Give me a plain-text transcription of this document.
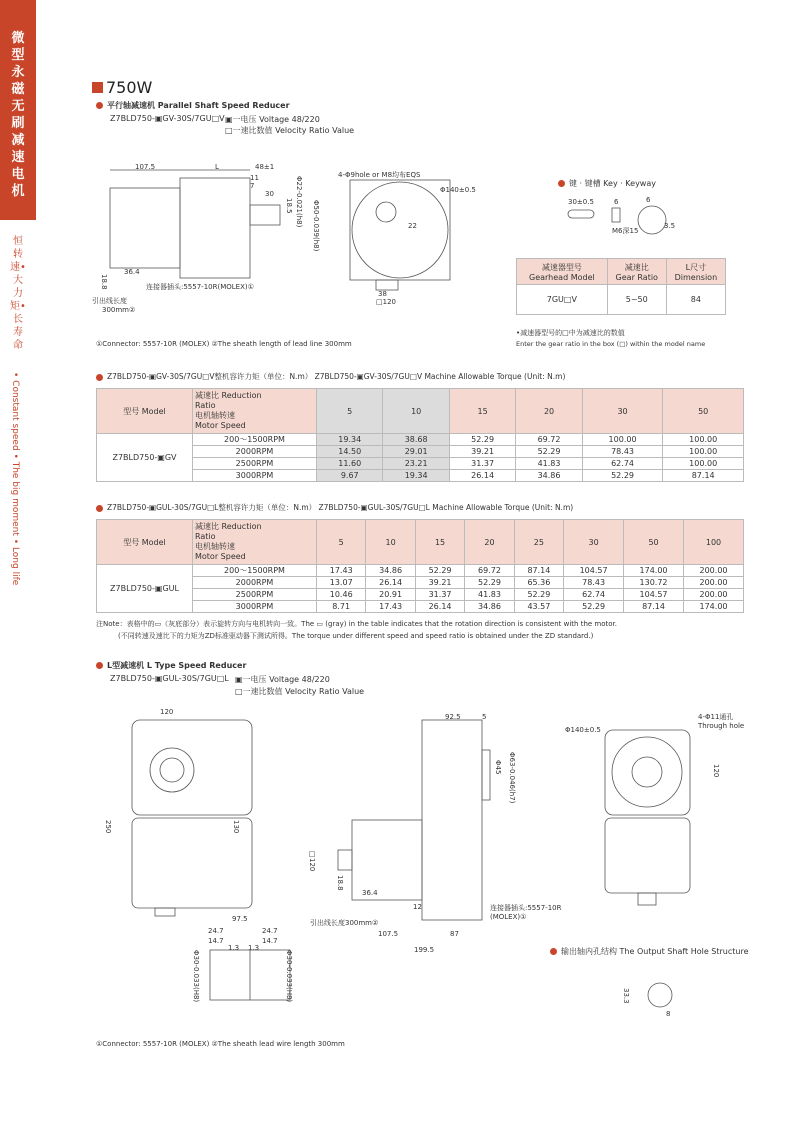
微型永磁无刷减速电机
恒转速•大力矩•长寿命
• Constant speed • The big moment • Long life
750W
平行轴减速机 Parallel Shaft Speed Reducer
Z7BLD750-▣GV-30S/7GU□V ▣一电压 Voltage 48/220
□一速比数值 Velocity Ratio Value
107.5	L	48±1
11
7
30	Φ22-0.021(h8)
18.5	Φ50-0.039(h8)
18.8
36.4
连接器插头:5557-10R(MOLEX)①
引出线长度
300mm②
4-Φ9hole or M8均布EQS
Φ140±0.5
22
38
□120
键 · 键槽 Key · Keyway
30±0.5	6	6
M6深15
3.5
减速器型号
Gearhead Model	减速比
Gear Ratio	L尺寸
Dimension
7GU□V	5~50	84
•减速器型号的□中为减速比的数值
Enter the gear ratio in the box (□) within the model name
①Connector: 5557-10R (MOLEX) ②The sheath length of lead line 300mm
Z7BLD750-▣GV-30S/7GU□V整机容许力矩（单位：N.m） Z7BLD750-▣GV-30S/7GU□V Machine Allowable Torque (Unit: N.m)
型号 Model	减速比 Reduction
Ratio
电机轴转速
Motor Speed	5	10	15	20	30	50
Z7BLD750-▣GV	200～1500RPM	19.34	38.68	52.29	69.72	100.00	100.00
	2000RPM	14.50	29.01	39.21	52.29	78.43	100.00
	2500RPM	11.60	23.21	31.37	41.83	62.74	100.00
	3000RPM	9.67	19.34	26.14	34.86	52.29	87.14
Z7BLD750-▣GUL-30S/7GU□L整机容许力矩（单位：N.m） Z7BLD750-▣GUL-30S/7GU□L Machine Allowable Torque (Unit: N.m)
型号 Model	减速比 Reduction
Ratio
电机轴转速
Motor Speed	5	10	15	20	25	30	50	100
Z7BLD750-▣GUL	200～1500RPM	17.43	34.86	52.29	69.72	87.14	104.57	174.00	200.00
	2000RPM	13.07	26.14	39.21	52.29	65.36	78.43	130.72	200.00
	2500RPM	10.46	20.91	31.37	41.83	52.29	62.74	104.57	200.00
	3000RPM	8.71	17.43	26.14	34.86	43.57	52.29	87.14	174.00
注Note：表格中的▭（灰底部分）表示旋转方向与电机转向一致。The ▭ (gray) in the table indicates that the rotation direction is consistent with the motor.
(不同转速及速比下的力矩为ZD标准驱动器下测试所得。The torque under different speed and speed ratio is obtained under the ZD standard.)
L型减速机 L Type Speed Reducer
Z7BLD750-▣GUL-30S/7GU□L ▣一电压 Voltage 48/220
□一速比数值 Velocity Ratio Value
120
250	130
92.5	5
Φ45 Φ63-0.046(h7)
□120
18.8
36.4
12	连接器插头:5557-10R
(MOLEX)①
引出线长度300mm②
107.5	87
199.5
97.5
24.7
14.7
1.3 1.3
24.7
14.7
Φ30-0.033(H8)	Φ30-0.033(H8)
Φ140±0.5
4-Φ11通孔
Through hole
120
输出轴内孔结构 The Output Shaft Hole Structure
33.3
8
①Connector: 5557-10R (MOLEX) ②The sheath lead wire length 300mm
